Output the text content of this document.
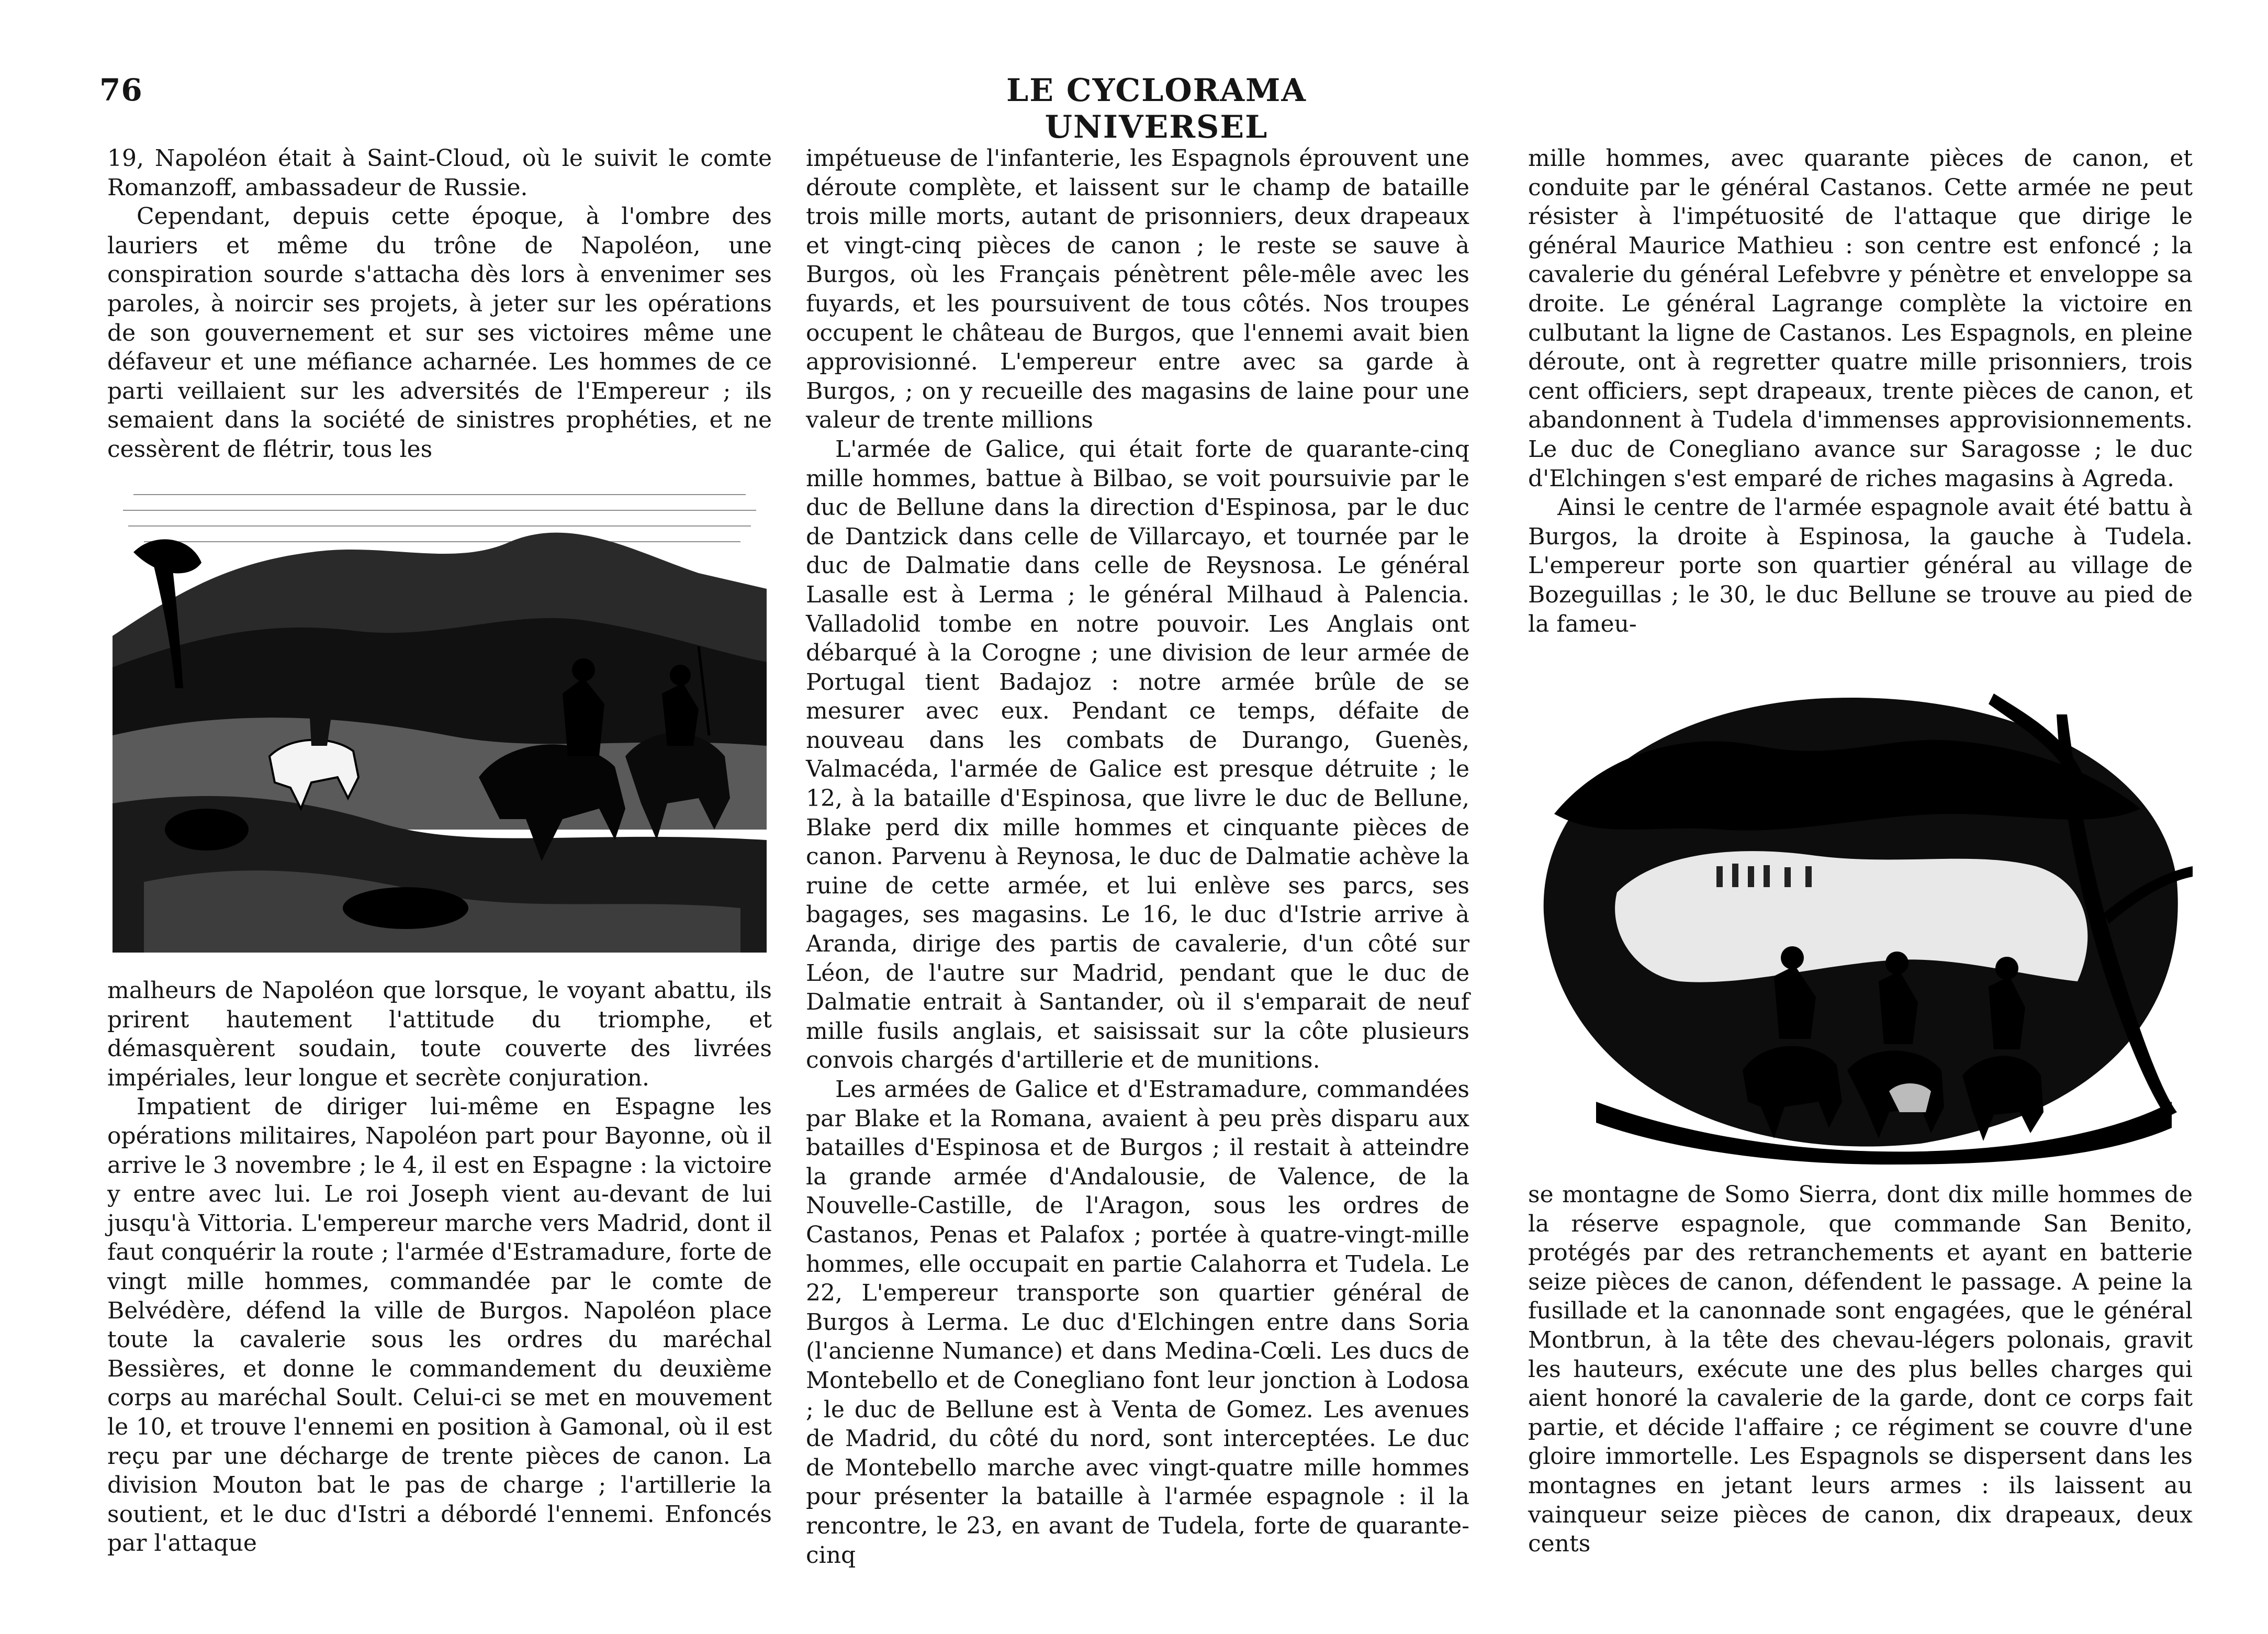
76	LE CYCLORAMA UNIVERSEL

19, Napoléon était à Saint-Cloud, où le suivit le comte Romanzoff, ambassadeur de Russie.

Cependant, depuis cette époque, à l'ombre des lauriers et même du trône de Napoléon, une conspiration sourde s'attacha dès lors à envenimer ses paroles, à noircir ses projets, à jeter sur les opérations de son gouvernement et sur ses victoires même une défaveur et une méfiance acharnée. Les hommes de ce parti veillaient sur les adversités de l'Empereur ; ils semaient dans la société de sinistres prophéties, et ne cessèrent de flétrir, tous les

malheurs de Napoléon que lorsque, le voyant abattu, ils prirent hautement l'attitude du triomphe, et démasquèrent soudain, toute couverte des livrées impériales, leur longue et secrète conjuration.

Impatient de diriger lui-même en Espagne les opérations militaires, Napoléon part pour Bayonne, où il arrive le 3 novembre ; le 4, il est en Espagne : la victoire y entre avec lui. Le roi Joseph vient au-devant de lui jusqu'à Vittoria. L'empereur marche vers Madrid, dont il faut conquérir la route ; l'armée d'Estramadure, forte de vingt mille hommes, commandée par le comte de Belvédère, défend la ville de Burgos. Napoléon place toute la cavalerie sous les ordres du maréchal Bessières, et donne le commandement du deuxième corps au maréchal Soult. Celui-ci se met en mouvement le 10, et trouve l'ennemi en position à Gamonal, où il est reçu par une décharge de trente pièces de canon. La division Mouton bat le pas de charge ; l'artillerie la soutient, et le duc d'Istri a débordé l'ennemi. Enfoncés par l'attaque

impétueuse de l'infanterie, les Espagnols éprouvent une déroute complète, et laissent sur le champ de bataille trois mille morts, autant de prisonniers, deux drapeaux et vingt-cinq pièces de canon ; le reste se sauve à Burgos, où les Français pénètrent pêle-mêle avec les fuyards, et les poursuivent de tous côtés. Nos troupes occupent le château de Burgos, que l'ennemi avait bien approvisionné. L'empereur entre avec sa garde à Burgos, ; on y recueille des magasins de laine pour une valeur de trente millions

L'armée de Galice, qui était forte de quarante-cinq mille hommes, battue à Bilbao, se voit poursuivie par le duc de Bellune dans la direction d'Espinosa, par le duc de Dantzick dans celle de Villarcayo, et tournée par le duc de Dalmatie dans celle de Reysnosa. Le général Lasalle est à Lerma ; le général Milhaud à Palencia. Valladolid tombe en notre pouvoir. Les Anglais ont débarqué à la Corogne ; une division de leur armée de Portugal tient Badajoz : notre armée brûle de se mesurer avec eux. Pendant ce temps, défaite de nouveau dans les combats de Durango, Guenès, Valmacéda, l'armée de Galice est presque détruite ; le 12, à la bataille d'Espinosa, que livre le duc de Bellune, Blake perd dix mille hommes et cinquante pièces de canon. Parvenu à Reynosa, le duc de Dalmatie achève la ruine de cette armée, et lui enlève ses parcs, ses bagages, ses magasins. Le 16, le duc d'Istrie arrive à Aranda, dirige des partis de cavalerie, d'un côté sur Léon, de l'autre sur Madrid, pendant que le duc de Dalmatie entrait à Santander, où il s'emparait de neuf mille fusils anglais, et saisissait sur la côte plusieurs convois chargés d'artillerie et de munitions.

Les armées de Galice et d'Estramadure, commandées par Blake et la Romana, avaient à peu près disparu aux batailles d'Espinosa et de Burgos ; il restait à atteindre la grande armée d'Andalousie, de Valence, de la Nouvelle-Castille, de l'Aragon, sous les ordres de Castanos, Penas et Palafox ; portée à quatre-vingt-mille hommes, elle occupait en partie Calahorra et Tudela. Le 22, L'empereur transporte son quartier général de Burgos à Lerma. Le duc d'Elchingen entre dans Soria (l'ancienne Numance) et dans Medina-Cœli. Les ducs de Montebello et de Conegliano font leur jonction à Lodosa ; le duc de Bellune est à Venta de Gomez. Les avenues de Madrid, du côté du nord, sont interceptées. Le duc de Montebello marche avec vingt-quatre mille hommes pour présenter la bataille à l'armée espagnole : il la rencontre, le 23, en avant de Tudela, forte de quarante-cinq

mille hommes, avec quarante pièces de canon, et conduite par le général Castanos. Cette armée ne peut résister à l'impétuosité de l'attaque que dirige le général Maurice Mathieu : son centre est enfoncé ; la cavalerie du général Lefebvre y pénètre et enveloppe sa droite. Le général Lagrange complète la victoire en culbutant la ligne de Castanos. Les Espagnols, en pleine déroute, ont à regretter quatre mille prisonniers, trois cent officiers, sept drapeaux, trente pièces de canon, et abandonnent à Tudela d'immenses approvisionnements. Le duc de Conegliano avance sur Saragosse ; le duc d'Elchingen s'est emparé de riches magasins à Agreda.

Ainsi le centre de l'armée espagnole avait été battu à Burgos, la droite à Espinosa, la gauche à Tudela. L'empereur porte son quartier général au village de Bozeguillas ; le 30, le duc Bellune se trouve au pied de la fameu-

se montagne de Somo Sierra, dont dix mille hommes de la réserve espagnole, que commande San Benito, protégés par des retranchements et ayant en batterie seize pièces de canon, défendent le passage. A peine la fusillade et la canonnade sont engagées, que le général Montbrun, à la tête des chevau-légers polonais, gravit les hauteurs, exécute une des plus belles charges qui aient honoré la cavalerie de la garde, dont ce corps fait partie, et décide l'affaire ; ce régiment se couvre d'une gloire immortelle. Les Espagnols se dispersent dans les montagnes en jetant leurs armes : ils laissent au vainqueur seize pièces de canon, dix drapeaux, deux cents
